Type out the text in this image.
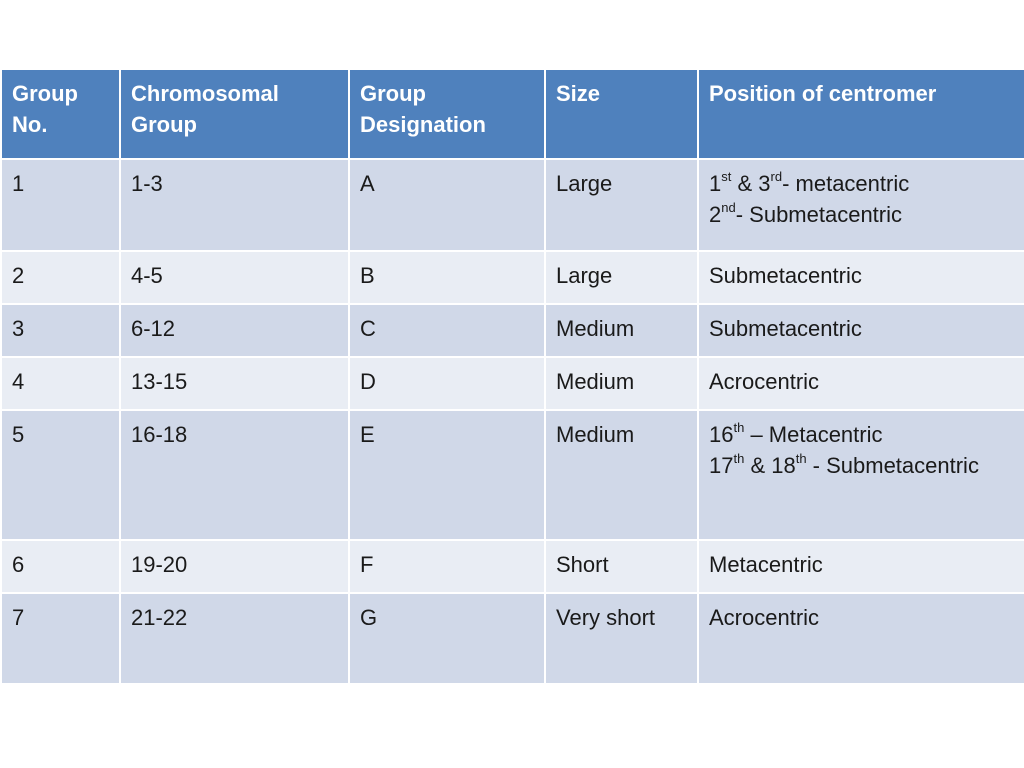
Group No.	Chromosomal Group	Group Designation	Size	Position of centromer
1	1-3	A	Large	1st & 3rd- metacentric
2nd- Submetacentric

2	4-5	B	Large	Submetacentric
3	6-12	C	Medium	Submetacentric
4	13-15	D	Medium	Acrocentric
5	16-18	E	Medium	16th – Metacentric
17th & 18th - Submetacentric

6	19-20	F	Short	Metacentric
7	21-22	G	Very short	Acrocentric
